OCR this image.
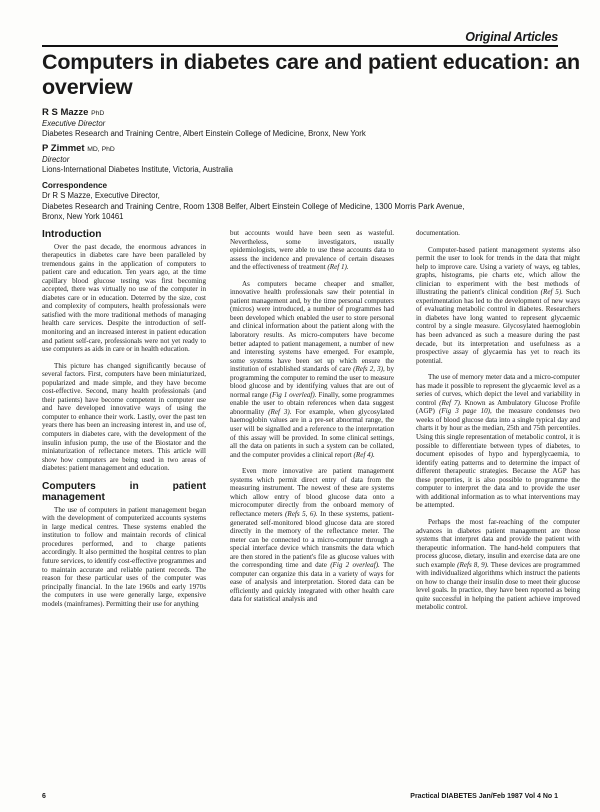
Original Articles
Computers in diabetes care and patient education: an overview
R S Mazze PhD
Executive Director
Diabetes Research and Training Centre, Albert Einstein College of Medicine, Bronx, New York
P Zimmet MD, PhD
Director
Lions-International Diabetes Institute, Victoria, Australia
Correspondence
Dr R S Mazze, Executive Director,
Diabetes Research and Training Centre, Room 1308 Belfer, Albert Einstein College of Medicine, 1300 Morris Park Avenue,
Bronx, New York 10461
Introduction

Over the past decade, the enormous advances in therapeutics in diabetes care have been paralleled by tremendous gains in the application of computers to patient care and education. Ten years ago, at the time capillary blood glucose testing was first becoming accepted, there was virtually no use of the computer in diabetes care or in education. Deterred by the size, cost and complexity of computers, health professionals were satisfied with the more traditional methods of managing health care services. Despite the introduction of self-monitoring and an increased interest in patient education and patient self-care, professionals were not yet ready to use computers as aids in care or in health education.

This picture has changed significantly because of several factors. First, computers have been miniaturized, popularized and made simple, and they have become cost-effective. Second, many health professionals (and their patients) have become competent in computer use and have developed innovative ways of using the computer to enhance their work. Lastly, over the past ten years there has been an increasing interest in, and use of, computers in diabetes care, with the development of the insulin infusion pump, the use of the Biostator and the miniaturization of reflectance meters. This article will show how computers are being used in two areas of diabetes: patient management and education.

Computers in patient management

The use of computers in patient management began with the development of computerized accounts systems in large medical centres. These systems enabled the institution to follow and maintain records of clinical procedures performed, and to charge patients accordingly. It also permitted the hospital centres to plan future services, to identify cost-effective programmes and to maintain accurate and reliable patient records. The reason for these particular uses of the computer was principally financial. In the late 1960s and early 1970s the computers in use were generally large, expensive models (mainframes). Permitting their use for anything

but accounts would have been seen as wasteful. Nevertheless, some investigators, usually epidemiologists, were able to use these accounts data to assess the incidence and prevalence of certain diseases and the effectiveness of treatment (Ref 1).

As computers became cheaper and smaller, innovative health professionals saw their potential in patient management and, by the time personal computers (micros) were introduced, a number of programmes had been developed which enabled the user to store personal and clinical information about the patient along with the laboratory results. As micro-computers have become better adapted to patient management, a number of new and interesting systems have emerged. For example, some systems have been set up which ensure the institution of established standards of care (Refs 2, 3), by programming the computer to remind the user to measure blood glucose and by identifying values that are out of normal range (Fig 1 overleaf). Finally, some programmes enable the user to obtain references when data suggest abnormality (Ref 3). For example, when glycosylated haemoglobin values are in a pre-set abnormal range, the user will be signalled and a reference to the interpretation of this assay will be provided. In some clinical settings, all the data on patients in such a system can be collated, and the computer provides a clinical report (Ref 4).

Even more innovative are patient management systems which permit direct entry of data from the measuring instrument. The newest of these are systems which allow entry of blood glucose data onto a microcomputer directly from the onboard memory of reflectance meters (Refs 5, 6). In these systems, patient-generated self-monitored blood glucose data are stored directly in the memory of the reflectance meter. The meter can be connected to a micro-computer through a special interface device which transmits the data which are then stored in the patient's file as glucose values with the corresponding time and date (Fig 2 overleaf). The computer can organize this data in a variety of ways for ease of analysis and interpretation. Stored data can be efficiently and quickly integrated with other health care data for statistical analysis and

documentation.

Computer-based patient management systems also permit the user to look for trends in the data that might help to improve care. Using a variety of ways, eg tables, graphs, histograms, pie charts etc, which allow the clinician to experiment with the best methods of illustrating the patient's clinical condition (Ref 5). Such experimentation has led to the development of new ways of evaluating metabolic control in diabetes. Researchers in diabetes have long wanted to represent glycaemic control by a single measure. Glycosylated haemoglobin has been advanced as such a measure during the past decade, but its interpretation and usefulness as a prospective assay of glycaemia has yet to reach its potential.

The use of memory meter data and a micro-computer has made it possible to represent the glycaemic level as a series of curves, which depict the level and variability in control (Ref 7). Known as Ambulatory Glucose Profile (AGP) (Fig 3 page 10), the measure condenses two weeks of blood glucose data into a single typical day and charts it by hour as the median, 25th and 75th percentiles. Using this single representation of metabolic control, it is possible to differentiate between types of diabetes, to document episodes of hypo and hyperglycaemia, to identify eating patterns and to determine the impact of different therapeutic strategies. Because the AGP has these properties, it is also possible to programme the computer to interpret the data and to provide the user with additional information as to what interventions may be attempted.

Perhaps the most far-reaching of the computer advances in diabetes patient management are those systems that interpret data and provide the patient with therapeutic information. The hand-held computers that process glucose, dietary, insulin and exercise data are one such example (Refs 8, 9). These devices are programmed with individualized algorithms which instruct the patients on how to change their insulin dose to meet their glucose level goals. In practice, they have been reported as being quite successful in helping the patient achieve improved metabolic control.

6	Practical DIABETES Jan/Feb 1987 Vol 4 No 1
